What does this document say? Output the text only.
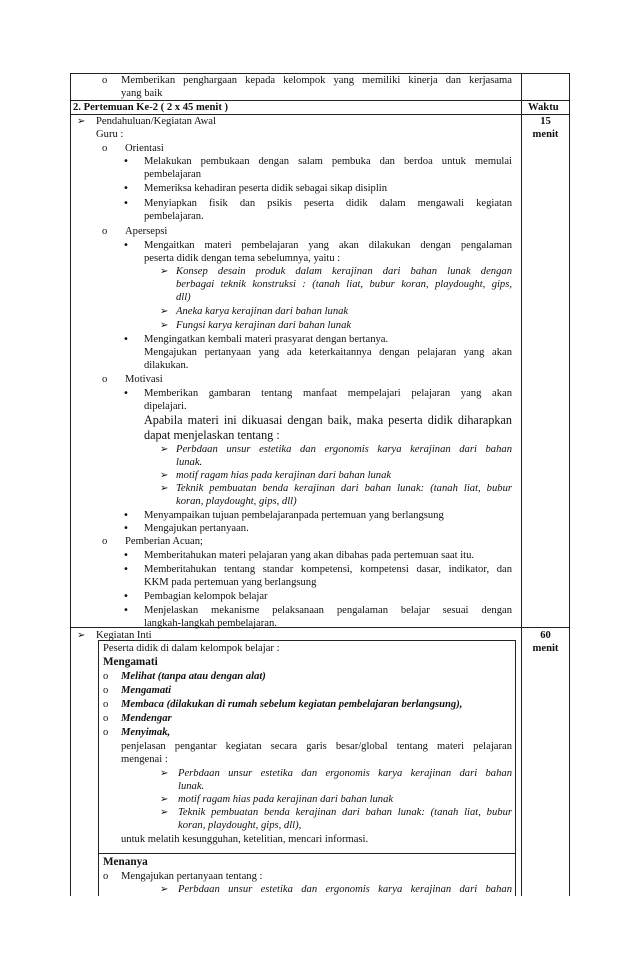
o Memberikan penghargaan kepada kelompok yang memiliki kinerja dan kerjasama
yang baik
2. Pertemuan Ke-2 ( 2 x 45 menit )	Waktu
15
menit
60
menit
➢ Pendahuluan/Kegiatan Awal
Guru :
o Orientasi
• Melakukan pembukaan dengan salam pembuka dan berdoa untuk memulai
pembelajaran
• Memeriksa kehadiran peserta didik sebagai sikap disiplin
• Menyiapkan fisik dan psikis peserta didik dalam mengawali kegiatan
pembelajaran.
o Apersepsi
• Mengaitkan materi pembelajaran yang akan dilakukan dengan pengalaman
peserta didik dengan tema sebelumnya, yaitu :
➢ Konsep desain produk dalam kerajinan dari bahan lunak dengan
berbagai teknik konstruksi : (tanah liat, bubur koran, playdought, gips,
dll)
➢ Aneka karya kerajinan dari bahan lunak
➢ Fungsi karya kerajinan dari bahan lunak
• Mengingatkan kembali materi prasyarat dengan bertanya.
Mengajukan pertanyaan yang ada keterkaitannya dengan pelajaran yang akan
dilakukan.
o Motivasi
• Memberikan gambaran tentang manfaat mempelajari pelajaran yang akan
dipelajari.
Apabila materi ini dikuasai dengan baik, maka peserta didik diharapkan
dapat menjelaskan tentang :
➢ Perbdaan unsur estetika dan ergonomis karya kerajinan dari bahan
lunak.
➢ motif ragam hias pada kerajinan dari bahan lunak
➢ Teknik pembuatan benda kerajinan dari bahan lunak: (tanah liat, bubur
koran, playdought, gips, dll)
• Menyampaikan tujuan pembelajaranpada pertemuan yang berlangsung
• Mengajukan pertanyaan.
o Pemberian Acuan;
• Memberitahukan materi pelajaran yang akan dibahas pada pertemuan saat itu.
• Memberitahukan tentang standar kompetensi, kompetensi dasar, indikator, dan
KKM pada pertemuan yang berlangsung
• Pembagian kelompok belajar
• Menjelaskan mekanisme pelaksanaan pengalaman belajar sesuai dengan
langkah-langkah pembelajaran.
➢ Kegiatan Inti
Peserta didik di dalam kelompok belajar :
Mengamati
o Melihat (tanpa atau dengan alat)
o Mengamati
o Membaca (dilakukan di rumah sebelum kegiatan pembelajaran berlangsung),
o Mendengar
o Menyimak,
penjelasan pengantar kegiatan secara garis besar/global tentang materi pelajaran
mengenai :
➢ Perbdaan unsur estetika dan ergonomis karya kerajinan dari bahan
lunak.
➢ motif ragam hias pada kerajinan dari bahan lunak
➢ Teknik pembuatan benda kerajinan dari bahan lunak: (tanah liat, bubur
koran, playdought, gips, dll),
untuk melatih kesungguhan, ketelitian, mencari informasi.
Menanya
o Mengajukan pertanyaan tentang :
➢ Perbdaan unsur estetika dan ergonomis karya kerajinan dari bahan
